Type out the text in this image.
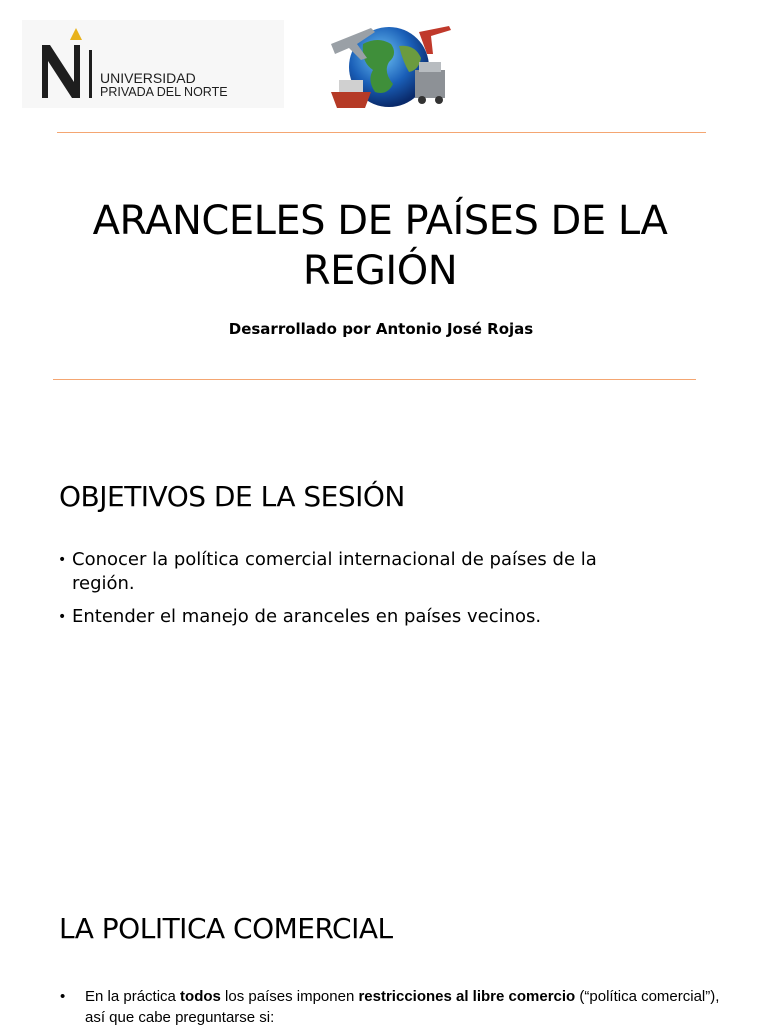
UNIVERSIDAD
PRIVADA DEL NORTE
ARANCELES DE PAÍSES DE LA
REGIÓN
Desarrollado por Antonio José Rojas
OBJETIVOS DE LA SESIÓN
• Conocer la política comercial internacional de países de la región.
• Entender el manejo de aranceles en países vecinos.
LA POLITICA COMERCIAL
• En la práctica todos los países imponen restricciones al libre comercio (“política comercial”), así que cabe preguntarse si:
